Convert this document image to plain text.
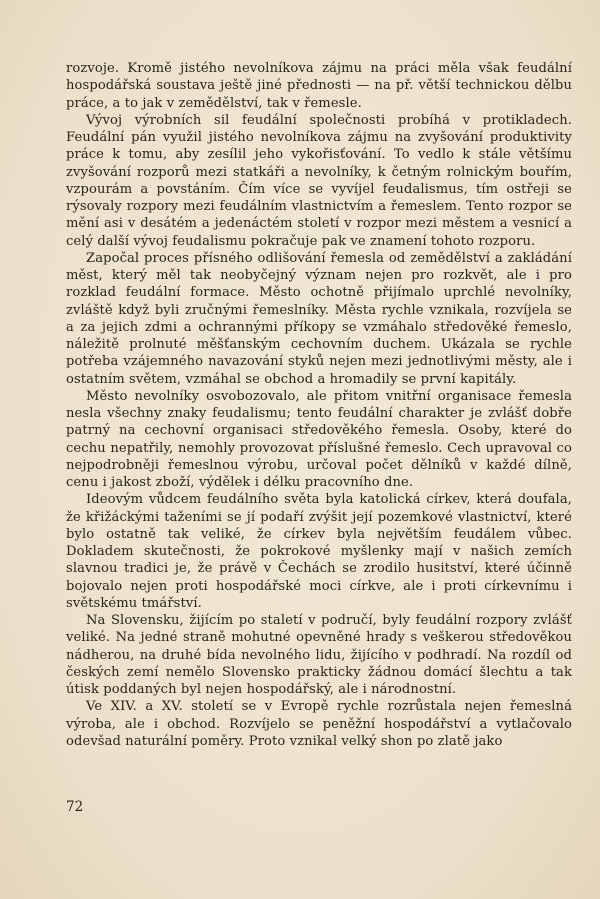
rozvoje. Kromě jistého nevolníkova zájmu na práci měla však feudální hospodářská soustava ještě jiné přednosti — na př. větší technickou dělbu práce, a to jak v zemědělství, tak v řemesle.

Vývoj výrobních sil feudální společnosti probíhá v protikladech. Feudální pán využil jistého nevolníkova zájmu na zvyšování produktivity práce k tomu, aby zesílil jeho vykořisťování. To vedlo k stále většímu zvyšování rozporů mezi statkáři a nevolníky, k četným rolnickým bouřím, vzpourám a povstáním. Čím více se vyvíjel feudalismus, tím ostřeji se rýsovaly rozpory mezi feudálním vlastnictvím a řemeslem. Tento rozpor se mění asi v desátém a jedenáctém století v rozpor mezi městem a vesnicí a celý další vývoj feudalismu pokračuje pak ve znamení tohoto rozporu.

Započal proces přísného odlišování řemesla od zemědělství a zakládání měst, který měl tak neobyčejný význam nejen pro rozkvět, ale i pro rozklad feudální formace. Město ochotně přijímalo uprchlé nevolníky, zvláště když byli zručnými řemeslníky. Města rychle vznikala, rozvíjela se a za jejich zdmi a ochrannými příkopy se vzmáhalo středověké řemeslo, náležitě prolnuté měšťanským cechovním duchem. Ukázala se rychle potřeba vzájemného navazování styků nejen mezi jednotlivými městy, ale i ostatním světem, vzmáhal se obchod a hromadily se první kapitály.

Město nevolníky osvobozovalo, ale přitom vnitřní organisace řemesla nesla všechny znaky feudalismu; tento feudální charakter je zvlášť dobře patrný na cechovní organisaci středověkého řemesla. Osoby, které do cechu nepatřily, nemohly provozovat příslušné řemeslo. Cech upravoval co nejpodrobněji řemeslnou výrobu, určoval počet dělníků v každé dílně, cenu i jakost zboží, výdělek i délku pracovního dne.

Ideovým vůdcem feudálního světa byla katolická církev, která doufala, že křižáckými taženími se jí podaří zvýšit její pozemkové vlastnictví, které bylo ostatně tak veliké, že církev byla největším feudálem vůbec. Dokladem skutečnosti, že pokrokové myšlenky mají v našich zemích slavnou tradici je, že právě v Čechách se zrodilo husitství, které účinně bojovalo nejen proti hospodářské moci církve, ale i proti církevnímu i světskému tmářství.

Na Slovensku, žijícím po staletí v područí, byly feudální rozpory zvlášť veliké. Na jedné straně mohutné opevněné hrady s veškerou středověkou nádherou, na druhé bída nevolného lidu, žijícího v podhradí. Na rozdíl od českých zemí nemělo Slovensko prakticky žádnou domácí šlechtu a tak útisk poddaných byl nejen hospodářský, ale i národnostní.

Ve XIV. a XV. století se v Evropě rychle rozrůstala nejen řemeslná výroba, ale i obchod. Rozvíjelo se peněžní hospodářství a vytlačovalo odevšad naturální poměry. Proto vznikal velký shon po zlatě jako

72
